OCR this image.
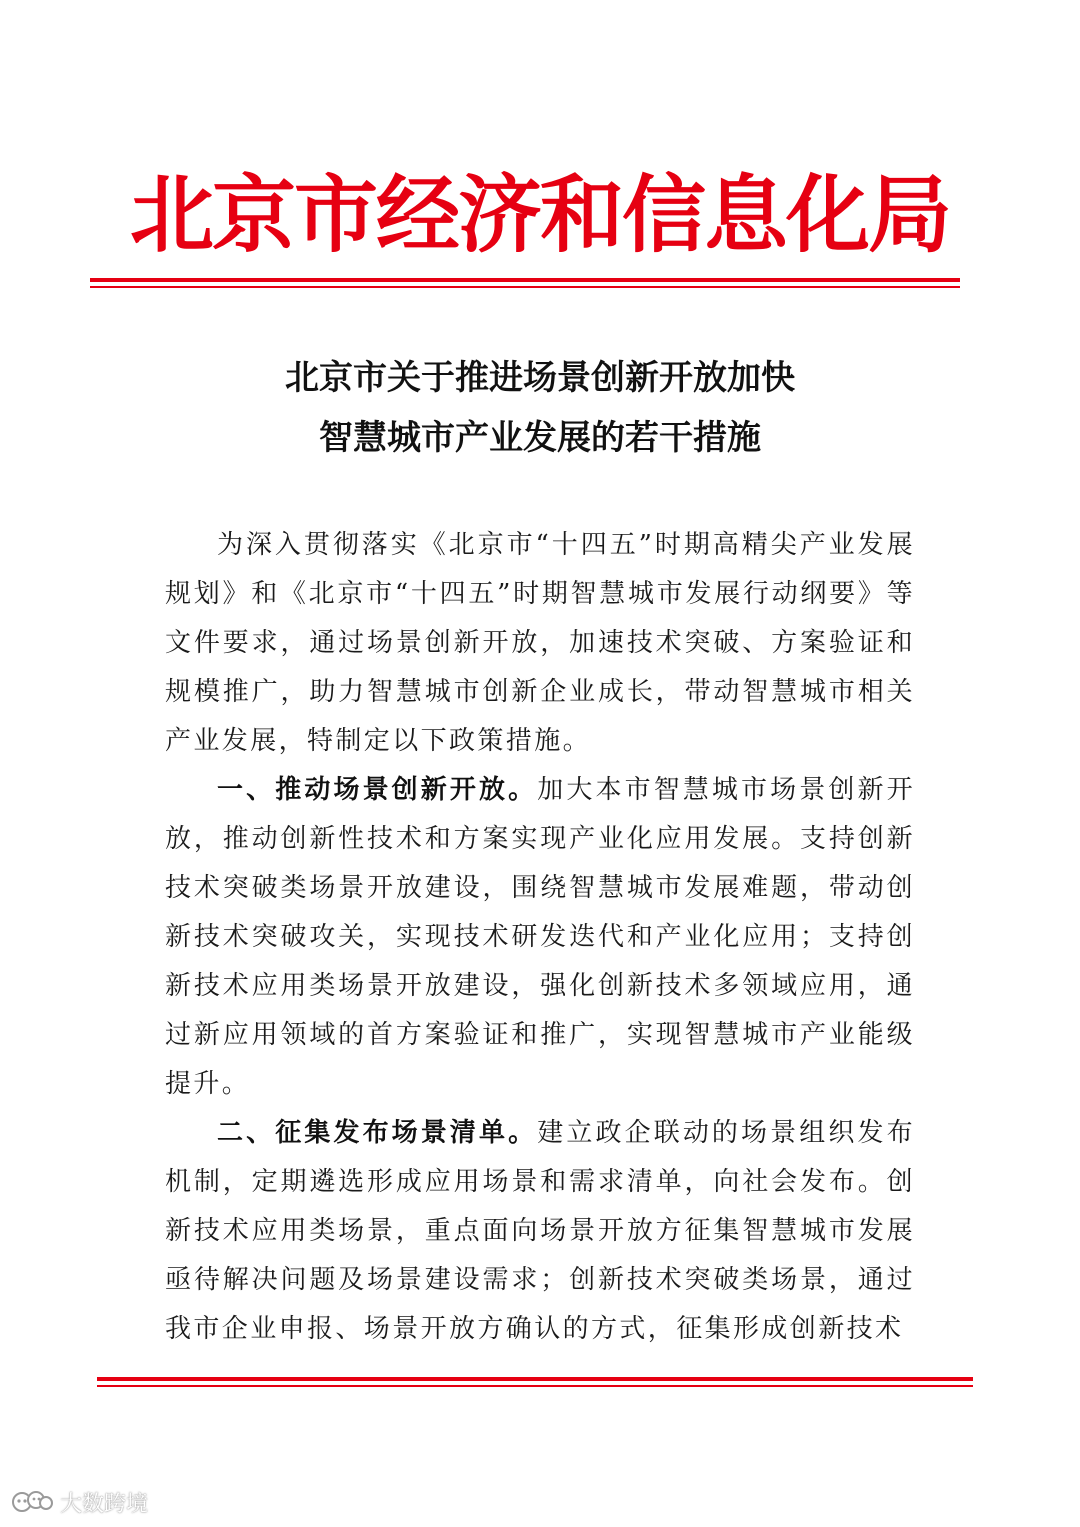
北京市经济和信息化局
北京市关于推进场景创新开放加快
智慧城市产业发展的若干措施

为深入贯彻落实《北京市“十四五”时期高精尖产业发展规划》和《北京市“十四五”时期智慧城市发展行动纲要》等文件要求，通过场景创新开放，加速技术突破、方案验证和规模推广，助力智慧城市创新企业成长，带动智慧城市相关产业发展，特制定以下政策措施。

一、推动场景创新开放。加大本市智慧城市场景创新开放，推动创新性技术和方案实现产业化应用发展。支持创新技术突破类场景开放建设，围绕智慧城市发展难题，带动创新技术突破攻关，实现技术研发迭代和产业化应用；支持创新技术应用类场景开放建设，强化创新技术多领域应用，通过新应用领域的首方案验证和推广，实现智慧城市产业能级提升。

二、征集发布场景清单。建立政企联动的场景组织发布机制，定期遴选形成应用场景和需求清单，向社会发布。创新技术应用类场景，重点面向场景开放方征集智慧城市发展亟待解决问题及场景建设需求；创新技术突破类场景，通过我市企业申报、场景开放方确认的方式，征集形成创新技术

大数跨境
